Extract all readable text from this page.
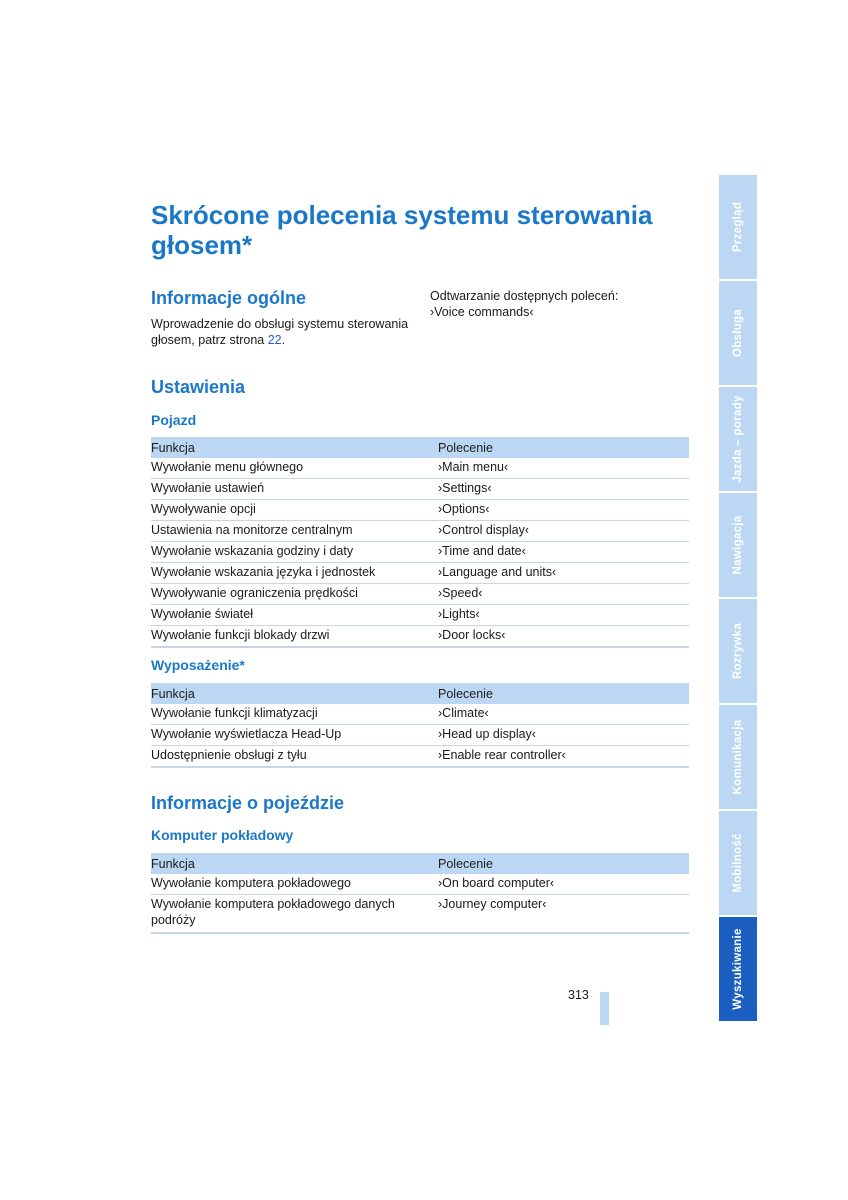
Skrócone polecenia systemu sterowania głosem*
Informacje ogólne
Wprowadzenie do obsługi systemu sterowania głosem, patrz strona 22.
Odtwarzanie dostępnych poleceń:
›Voice commands‹
Ustawienia
Pojazd
Funkcja	Polecenie
Wywołanie menu głównego	›Main menu‹
Wywołanie ustawień	›Settings‹
Wywoływanie opcji	›Options‹
Ustawienia na monitorze centralnym	›Control display‹
Wywołanie wskazania godziny i daty	›Time and date‹
Wywołanie wskazania języka i jednostek	›Language and units‹
Wywoływanie ograniczenia prędkości	›Speed‹
Wywołanie świateł	›Lights‹
Wywołanie funkcji blokady drzwi	›Door locks‹
Wyposażenie*
Funkcja	Polecenie
Wywołanie funkcji klimatyzacji	›Climate‹
Wywołanie wyświetlacza Head-Up	›Head up display‹
Udostępnienie obsługi z tyłu	›Enable rear controller‹
Informacje o pojeździe
Komputer pokładowy
Funkcja	Polecenie
Wywołanie komputera pokładowego	›On board computer‹
Wywołanie komputera pokładowego danych podróży	›Journey computer‹
Przegląd
Obsługa
Jazda – porady
Nawigacja
Rozrywka
Komunikacja
Mobilność
Wyszukiwanie
313
